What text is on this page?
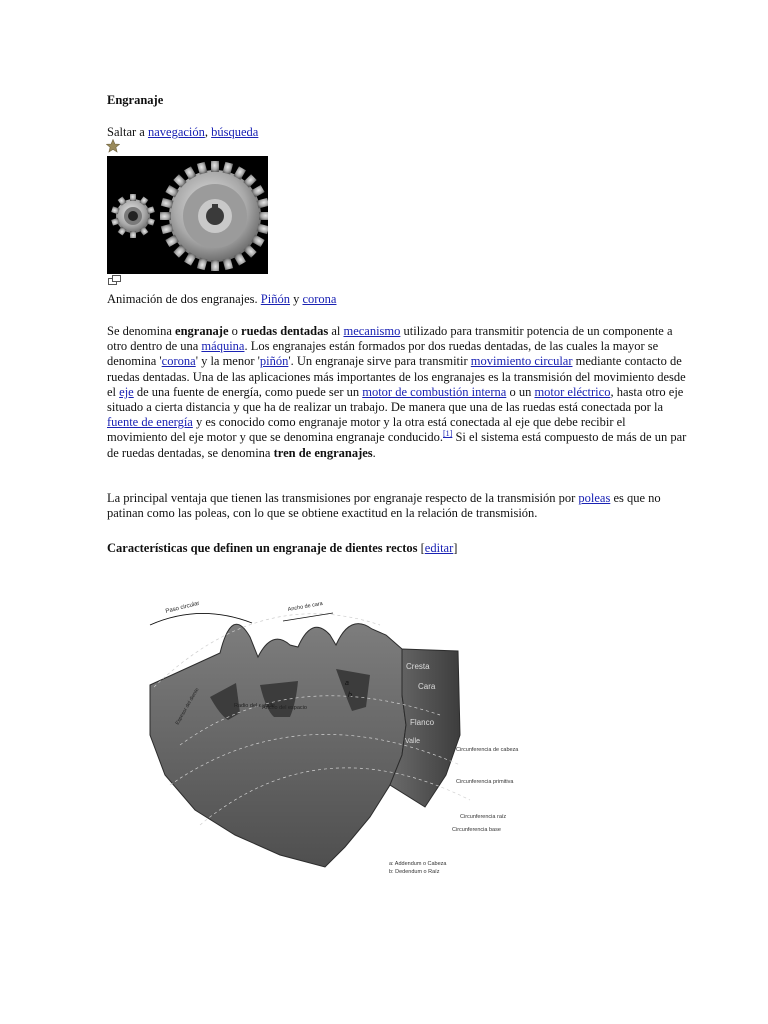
Engranaje
Saltar a navegación, búsqueda
Animación de dos engranajes. Piñón y corona
Se denomina engranaje o ruedas dentadas al mecanismo utilizado para transmitir potencia de un componente a otro dentro de una máquina. Los engranajes están formados por dos ruedas dentadas, de las cuales la mayor se denomina 'corona' y la menor 'piñón'. Un engranaje sirve para transmitir movimiento circular mediante contacto de ruedas dentadas. Una de las aplicaciones más importantes de los engranajes es la transmisión del movimiento desde el eje de una fuente de energía, como puede ser un motor de combustión interna o un motor eléctrico, hasta otro eje situado a cierta distancia y que ha de realizar un trabajo. De manera que una de las ruedas está conectada por la fuente de energía y es conocido como engranaje motor y la otra está conectada al eje que debe recibir el movimiento del eje motor y que se denomina engranaje conducido.[1] Si el sistema está compuesto de más de un par de ruedas dentadas, se denomina tren de engranajes.
La principal ventaja que tienen las transmisiones por engranaje respecto de la transmisión por poleas es que no patinan como las poleas, con lo que se obtiene exactitud en la relación de transmisión.
Características que definen un engranaje de dientes rectos [editar]
Paso circular	Ancho de cara
Cresta
Cara
Flanco
Valle
Radio del entalle
Ancho del espacio
Espesor del diente
a
b
Circunferencia de cabeza
Circunferencia primitiva
Circunferencia raíz
Circunferencia base
a: Addendum o Cabeza
b: Dedendum o Raíz
